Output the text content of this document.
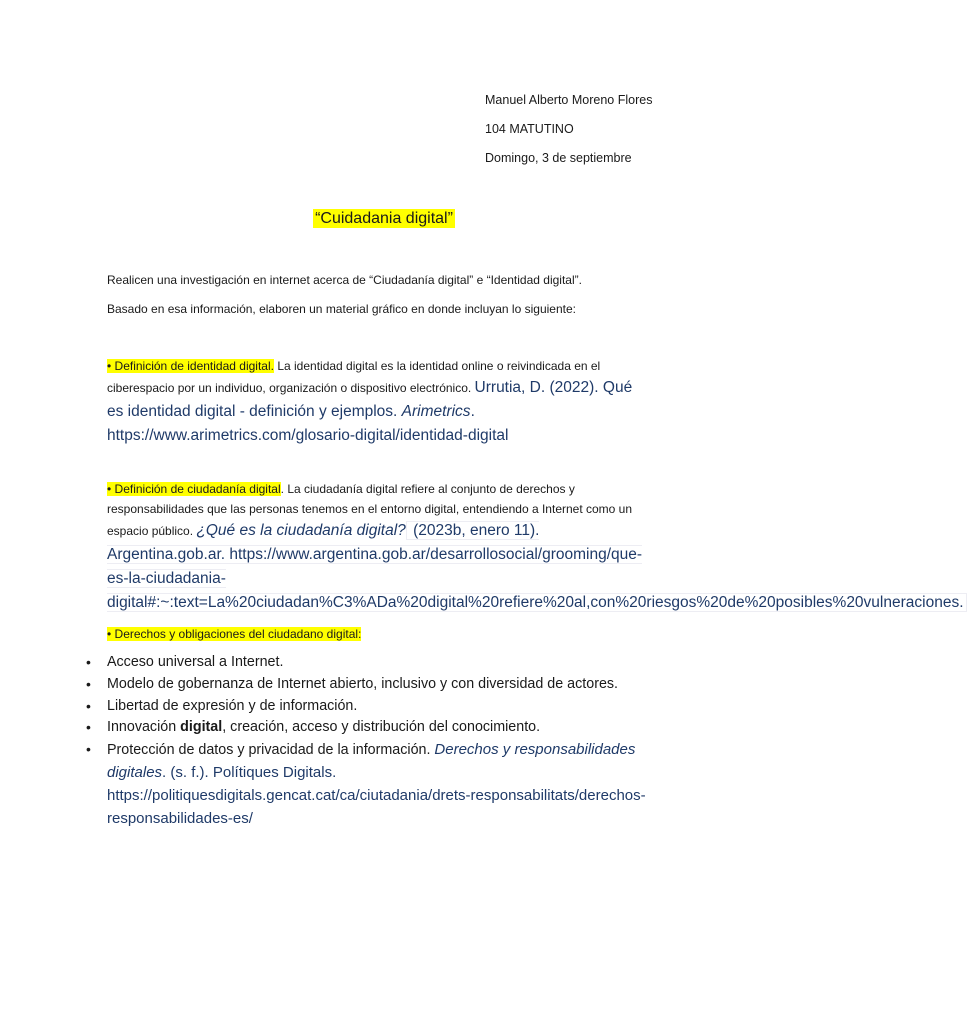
Manuel Alberto Moreno Flores
104 MATUTINO
Domingo, 3 de septiembre
“Cuidadania digital”
Realicen una investigación en internet acerca de “Ciudadanía digital” e “Identidad digital”.
Basado en esa información, elaboren un material gráfico en donde incluyan lo siguiente:
• Definición de identidad digital. La identidad digital es la identidad online o reivindicada en el ciberespacio por un individuo, organización o dispositivo electrónico. Urrutia, D. (2022). Qué es identidad digital - definición y ejemplos. Arimetrics. https://www.arimetrics.com/glosario-digital/identidad-digital
• Definición de ciudadanía digital. La ciudadanía digital refiere al conjunto de derechos y responsabilidades que las personas tenemos en el entorno digital, entendiendo a Internet como un espacio público. ¿Qué es la ciudadanía digital? (2023b, enero 11). Argentina.gob.ar. https://www.argentina.gob.ar/desarrollosocial/grooming/que-es-la-ciudadania-digital#:~:text=La%20ciudadan%C3%ADa%20digital%20refiere%20al,con%20riesgos%20de%20posibles%20vulneraciones.
• Derechos y obligaciones del ciudadano digital:
• Acceso universal a Internet.
• Modelo de gobernanza de Internet abierto, inclusivo y con diversidad de actores.
• Libertad de expresión y de información.
• Innovación digital, creación, acceso y distribución del conocimiento.
• Protección de datos y privacidad de la información. Derechos y responsabilidades digitales. (s. f.). Polítiques Digitals. https://politiquesdigitals.gencat.cat/ca/ciutadania/drets-responsabilitats/derechos-responsabilidades-es/
